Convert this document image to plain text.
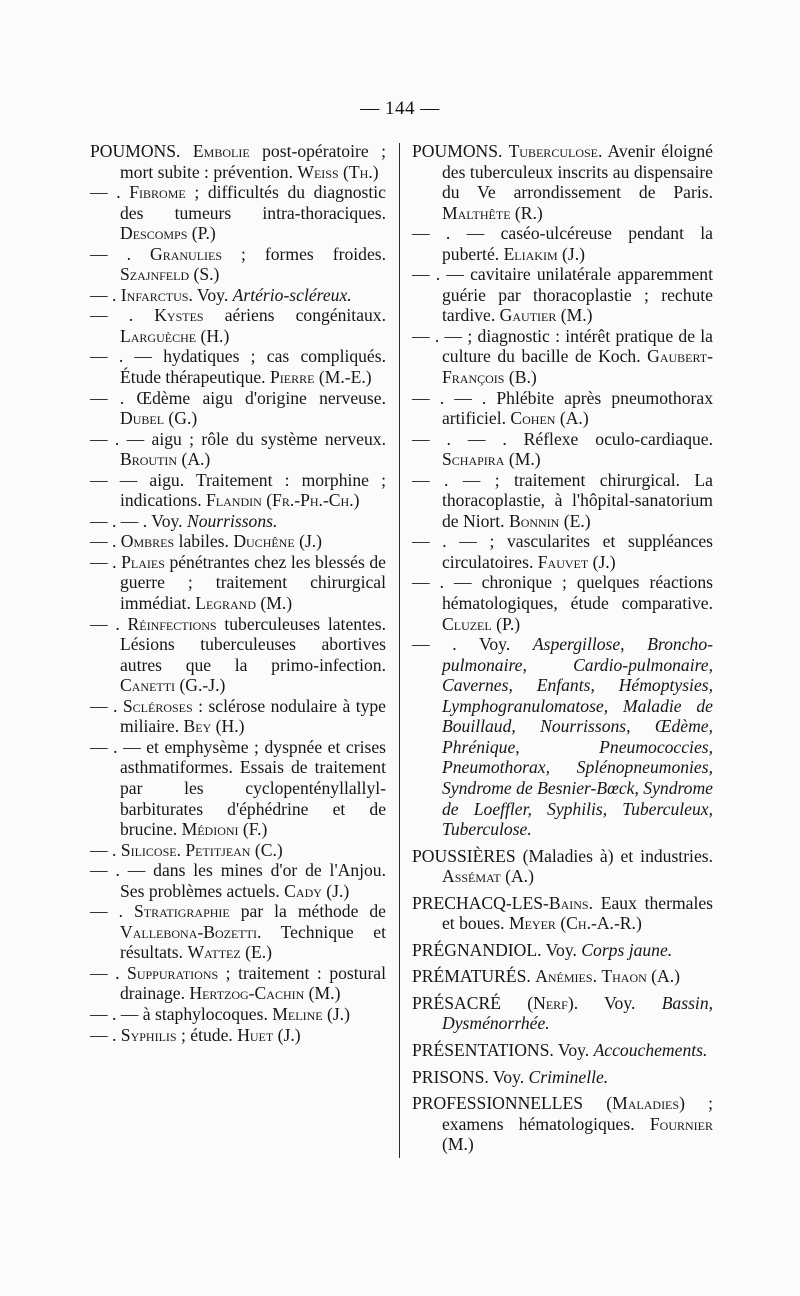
— 144 —

POUMONS. Embolie post-opératoire ; mort subite : prévention. Weiss (Th.)

— . Fibrome ; difficultés du diagnostic des tumeurs intra-thoraciques. Descomps (P.)

— . Granulies ; formes froides. Szajnfeld (S.)

— . Infarctus. Voy. Artério-scléreux.

— . Kystes aériens congénitaux. Larguèche (H.)

— . — hydatiques ; cas compliqués. Étude thérapeutique. Pierre (M.-E.)

— . Œdème aigu d'origine nerveuse. Dubel (G.)

— . — aigu ; rôle du système nerveux. Broutin (A.)

— — aigu. Traitement : morphine ; indications. Flandin (Fr.-Ph.-Ch.)

— . — . Voy. Nourrissons.

— . Ombres labiles. Duchêne (J.)

— . Plaies pénétrantes chez les blessés de guerre ; traitement chirurgical immédiat. Legrand (M.)

— . Réinfections tuberculeuses latentes. Lésions tuberculeuses abortives autres que la primo-infection. Canetti (G.-J.)

— . Scléroses : sclérose nodulaire à type miliaire. Bey (H.)

— . — et emphysème ; dyspnée et crises asthmatiformes. Essais de traitement par les cyclopentényllallyl-barbiturates d'éphédrine et de brucine. Médioni (F.)

— . Silicose. Petitjean (C.)

— . — dans les mines d'or de l'Anjou. Ses problèmes actuels. Cady (J.)

— . Stratigraphie par la méthode de Vallebona-Bozetti. Technique et résultats. Wattez (E.)

— . Suppurations ; traitement : postural drainage. Hertzog-Cachin (M.)

— . — à staphylocoques. Meline (J.)

— . Syphilis ; étude. Huet (J.)

POUMONS. Tuberculose. Avenir éloigné des tuberculeux inscrits au dispensaire du Ve arrondissement de Paris. Malthête (R.)

— . — caséo-ulcéreuse pendant la puberté. Eliakim (J.)

— . — cavitaire unilatérale apparemment guérie par thoracoplastie ; rechute tardive. Gautier (M.)

— . — ; diagnostic : intérêt pratique de la culture du bacille de Koch. Gaubert-François (B.)

— . — . Phlébite après pneumothorax artificiel. Cohen (A.)

— . — . Réflexe oculo-cardiaque. Schapira (M.)

— . — ; traitement chirurgical. La thoracoplastie, à l'hôpital-sanatorium de Niort. Bonnin (E.)

— . — ; vascularites et suppléances circulatoires. Fauvet (J.)

— . — chronique ; quelques réactions hématologiques, étude comparative. Cluzel (P.)

— . Voy. Aspergillose, Broncho-pulmonaire, Cardio-pulmonaire, Cavernes, Enfants, Hémoptysies, Lymphogranulomatose, Maladie de Bouillaud, Nourrissons, Œdème, Phrénique, Pneumococcies, Pneumothorax, Splénopneumonies, Syndrome de Besnier-Bœck, Syndrome de Loeffler, Syphilis, Tuberculeux, Tuberculose.

POUSSIÈRES (Maladies à) et industries. Assémat (A.)

PRECHACQ-LES-Bains. Eaux thermales et boues. Meyer (Ch.-A.-R.)

PRÉGNANDIOL. Voy. Corps jaune.

PRÉMATURÉS. Anémies. Thaon (A.)

PRÉSACRÉ (Nerf). Voy. Bassin, Dysménorrhée.

PRÉSENTATIONS. Voy. Accouchements.

PRISONS. Voy. Criminelle.

PROFESSIONNELLES (Maladies) ; examens hématologiques. Fournier (M.)
